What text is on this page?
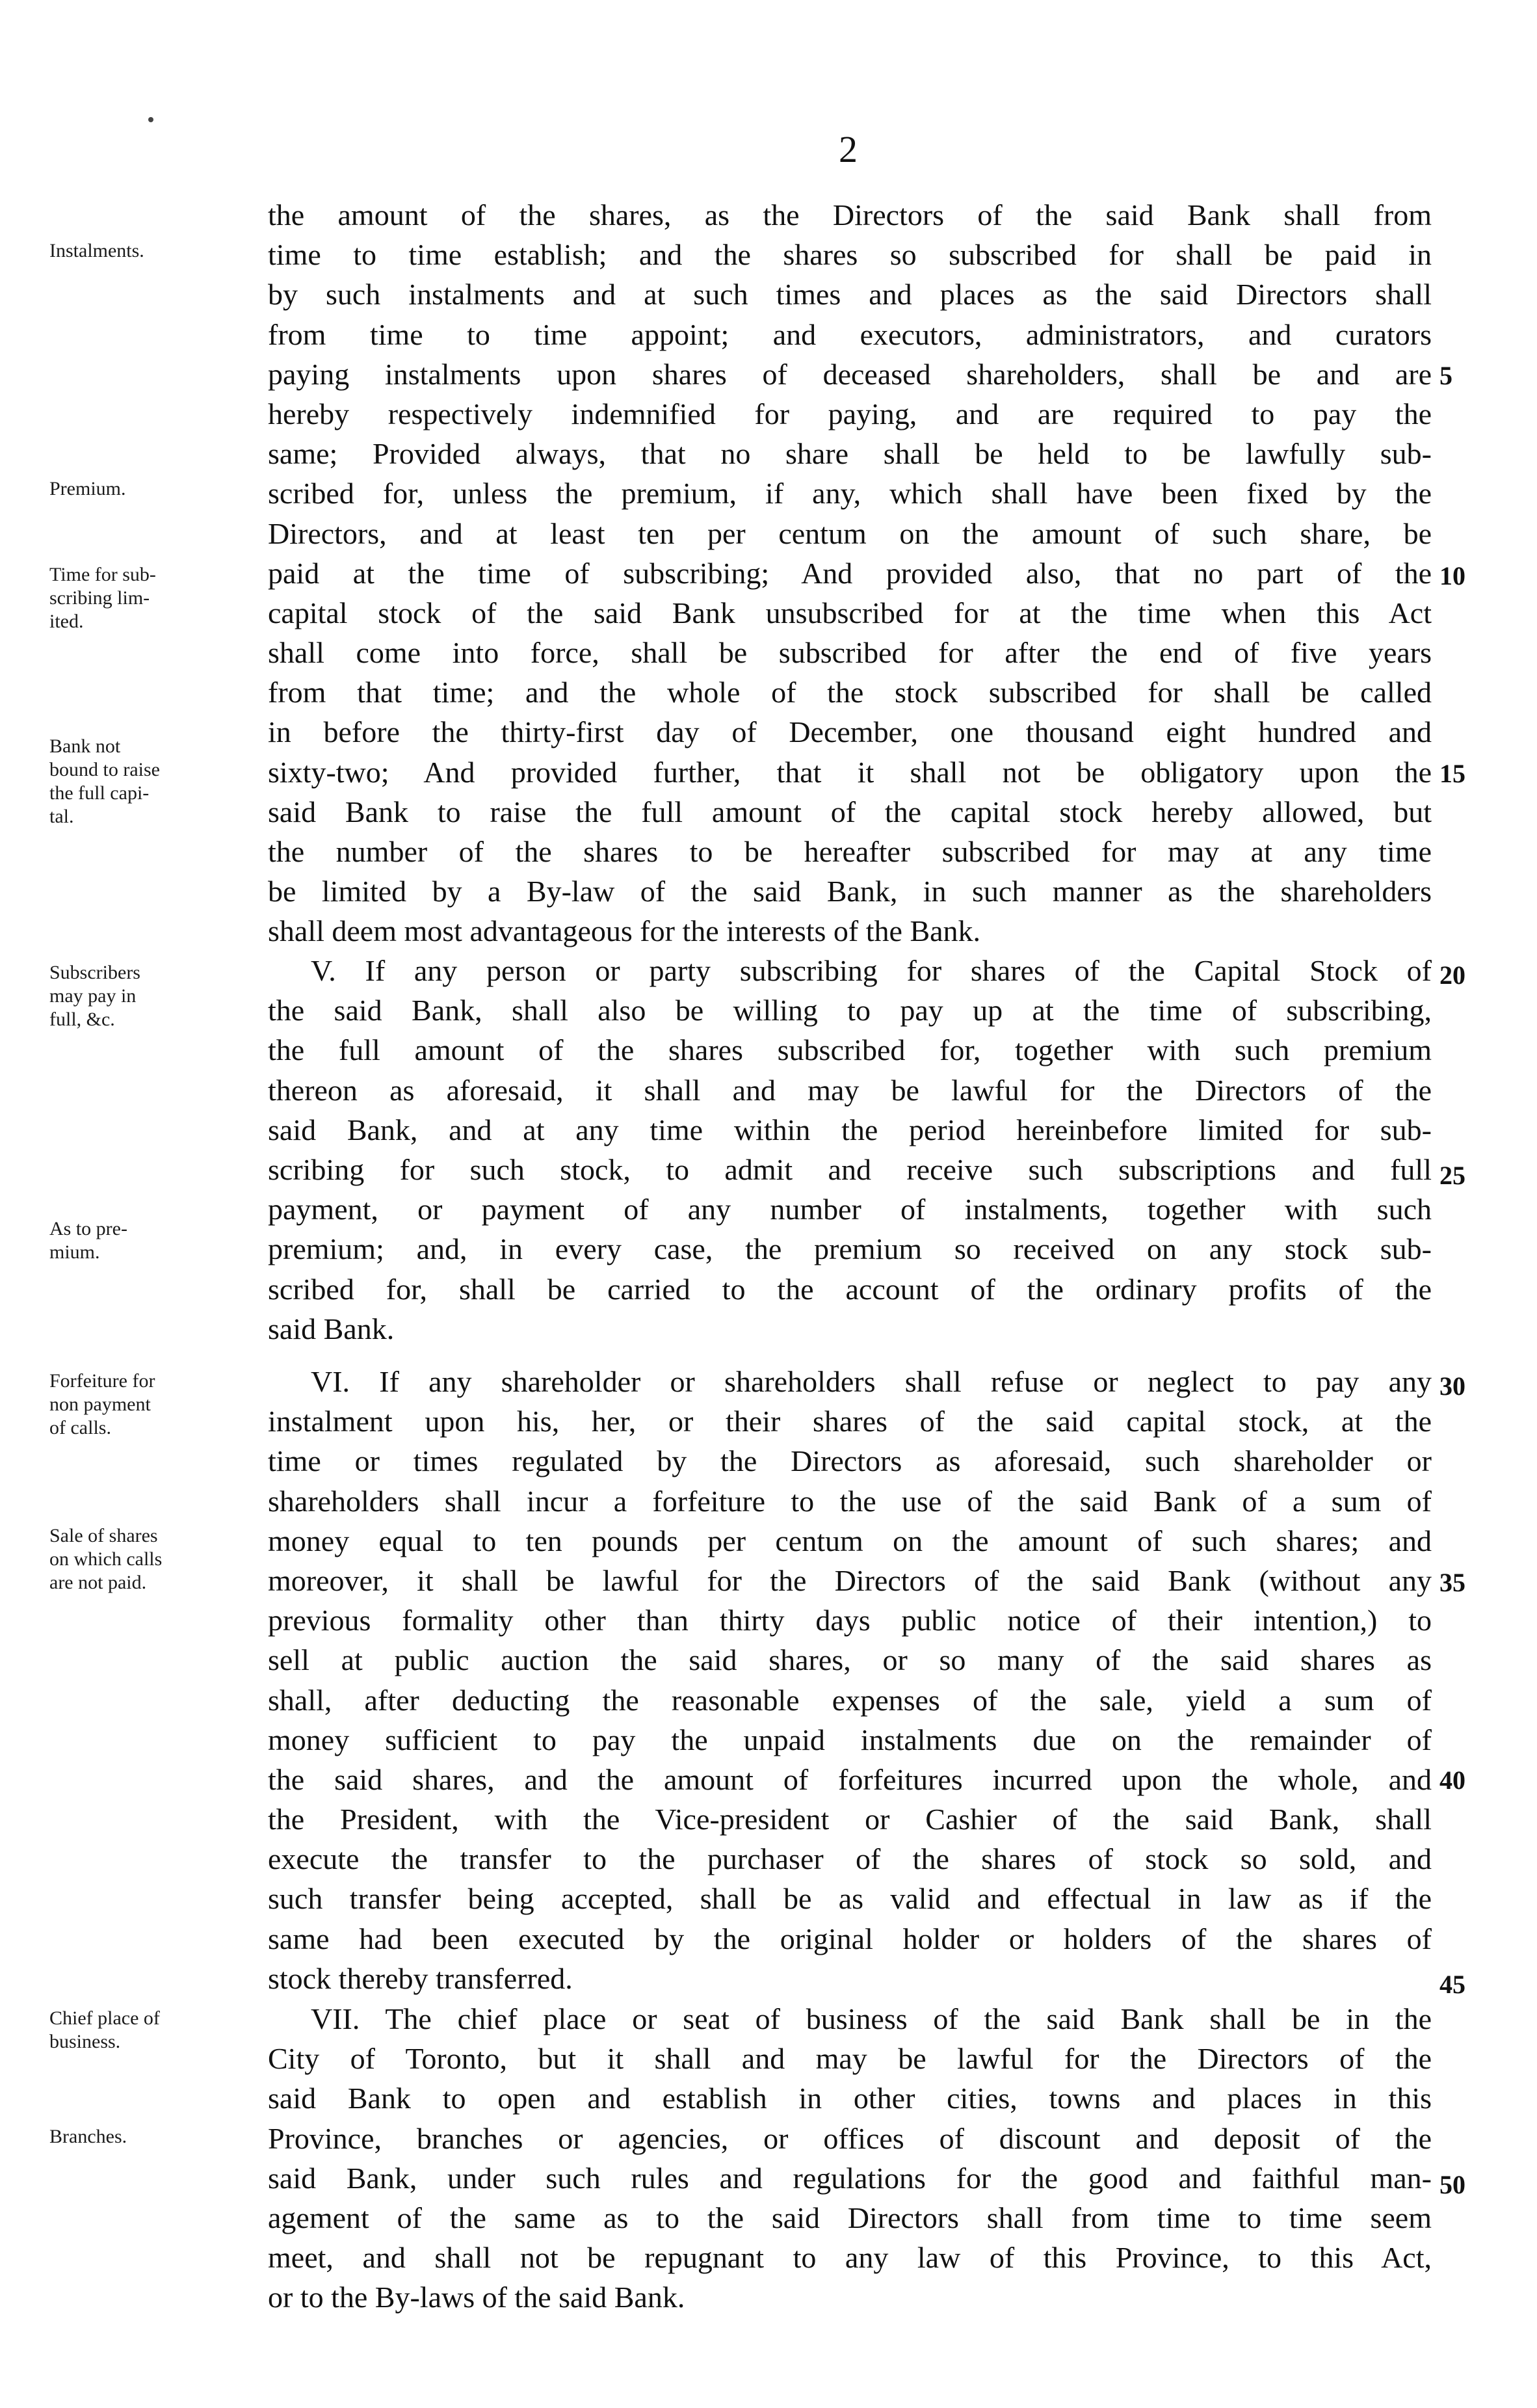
2
Instalments.
Premium.
Time for sub-
scribing lim-
ited.
Bank not
bound to raise
the full capi-
tal.
Subscribers
may pay in
full, &c.
As to pre-
mium.
Forfeiture for
non payment
of calls.
Sale of shares
on which calls
are not paid.
Chief place of
business.
Branches.
the amount of the shares, as the Directors of the said Bank shall from
time to time establish; and the shares so subscribed for shall be paid in
by such instalments and at such times and places as the said Directors shall
from time to time appoint; and executors, administrators, and curators
paying instalments upon shares of deceased shareholders, shall be and are
hereby respectively indemnified for paying, and are required to pay the
same; Provided always, that no share shall be held to be lawfully sub-
scribed for, unless the premium, if any, which shall have been fixed by the
Directors, and at least ten per centum on the amount of such share, be
paid at the time of subscribing; And provided also, that no part of the
capital stock of the said Bank unsubscribed for at the time when this Act
shall come into force, shall be subscribed for after the end of five years
from that time; and the whole of the stock subscribed for shall be called
in before the thirty-first day of December, one thousand eight hundred and
sixty-two; And provided further, that it shall not be obligatory upon the
said Bank to raise the full amount of the capital stock hereby allowed, but
the number of the shares to be hereafter subscribed for may at any time
be limited by a By-law of the said Bank, in such manner as the shareholders
shall deem most advantageous for the interests of the Bank.
V. If any person or party subscribing for shares of the Capital Stock of
the said Bank, shall also be willing to pay up at the time of subscribing,
the full amount of the shares subscribed for, together with such premium
thereon as aforesaid, it shall and may be lawful for the Directors of the
said Bank, and at any time within the period hereinbefore limited for sub-
scribing for such stock, to admit and receive such subscriptions and full
payment, or payment of any number of instalments, together with such
premium; and, in every case, the premium so received on any stock sub-
scribed for, shall be carried to the account of the ordinary profits of the
said Bank.
VI. If any shareholder or shareholders shall refuse or neglect to pay any
instalment upon his, her, or their shares of the said capital stock, at the
time or times regulated by the Directors as aforesaid, such shareholder or
shareholders shall incur a forfeiture to the use of the said Bank of a sum of
money equal to ten pounds per centum on the amount of such shares; and
moreover, it shall be lawful for the Directors of the said Bank (without any
previous formality other than thirty days public notice of their intention,) to
sell at public auction the said shares, or so many of the said shares as
shall, after deducting the reasonable expenses of the sale, yield a sum of
money sufficient to pay the unpaid instalments due on the remainder of
the said shares, and the amount of forfeitures incurred upon the whole, and
the President, with the Vice-president or Cashier of the said Bank, shall
execute the transfer to the purchaser of the shares of stock so sold, and
such transfer being accepted, shall be as valid and effectual in law as if the
same had been executed by the original holder or holders of the shares of
stock thereby transferred.
VII. The chief place or seat of business of the said Bank shall be in the
City of Toronto, but it shall and may be lawful for the Directors of the
said Bank to open and establish in other cities, towns and places in this
Province, branches or agencies, or offices of discount and deposit of the
said Bank, under such rules and regulations for the good and faithful man-
agement of the same as to the said Directors shall from time to time seem
meet, and shall not be repugnant to any law of this Province, to this Act,
or to the By-laws of the said Bank.
5
10
15
20
25
30
35
40
45
50
